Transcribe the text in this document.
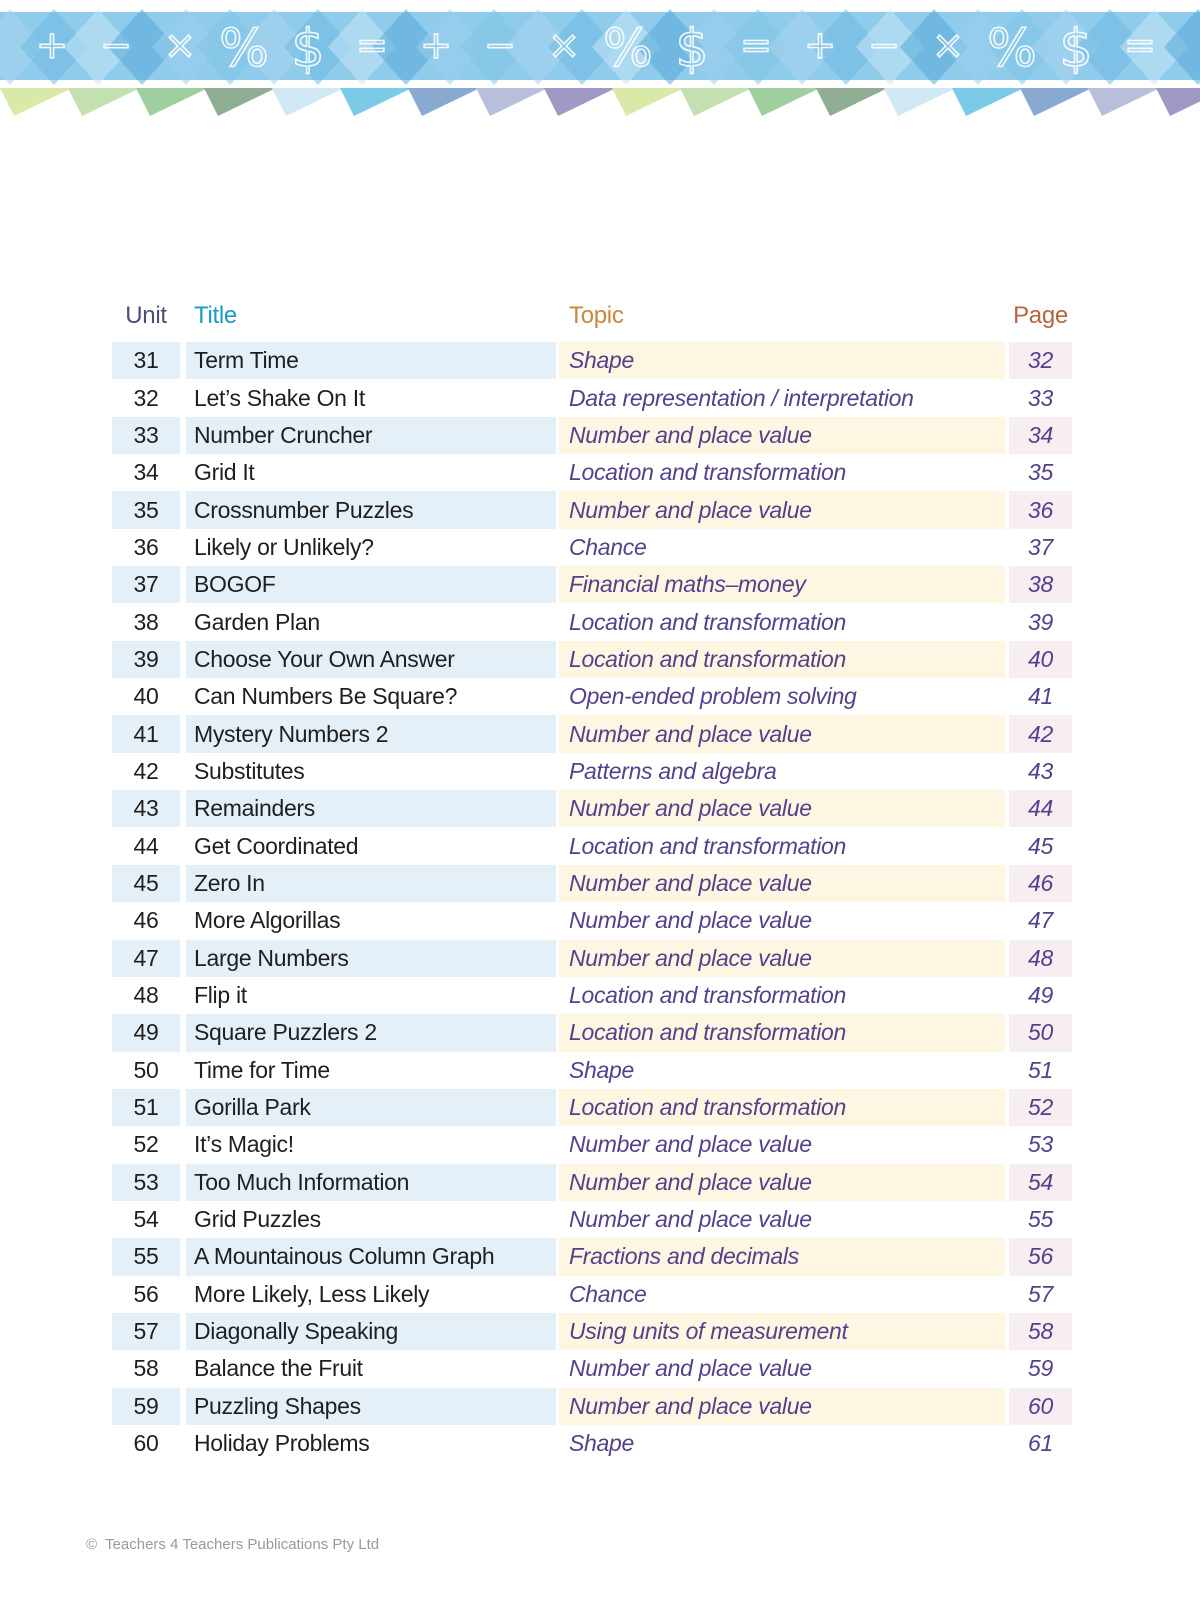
+ − × % $ = + − × % $ = + − × % $ =
Unit	Title	Topic	Page
31	Term Time	Shape	32
32	Let’s Shake On It	Data representation / interpretation	33
33	Number Cruncher	Number and place value	34
34	Grid It	Location and transformation	35
35	Crossnumber Puzzles	Number and place value	36
36	Likely or Unlikely?	Chance	37
37	BOGOF	Financial maths–money	38
38	Garden Plan	Location and transformation	39
39	Choose Your Own Answer	Location and transformation	40
40	Can Numbers Be Square?	Open-ended problem solving	41
41	Mystery Numbers 2	Number and place value	42
42	Substitutes	Patterns and algebra	43
43	Remainders	Number and place value	44
44	Get Coordinated	Location and transformation	45
45	Zero In	Number and place value	46
46	More Algorillas	Number and place value	47
47	Large Numbers	Number and place value	48
48	Flip it	Location and transformation	49
49	Square Puzzlers 2	Location and transformation	50
50	Time for Time	Shape	51
51	Gorilla Park	Location and transformation	52
52	It’s Magic!	Number and place value	53
53	Too Much Information	Number and place value	54
54	Grid Puzzles	Number and place value	55
55	A Mountainous Column Graph	Fractions and decimals	56
56	More Likely, Less Likely	Chance	57
57	Diagonally Speaking	Using units of measurement	58
58	Balance the Fruit	Number and place value	59
59	Puzzling Shapes	Number and place value	60
60	Holiday Problems	Shape	61
© Teachers 4 Teachers Publications Pty Ltd
